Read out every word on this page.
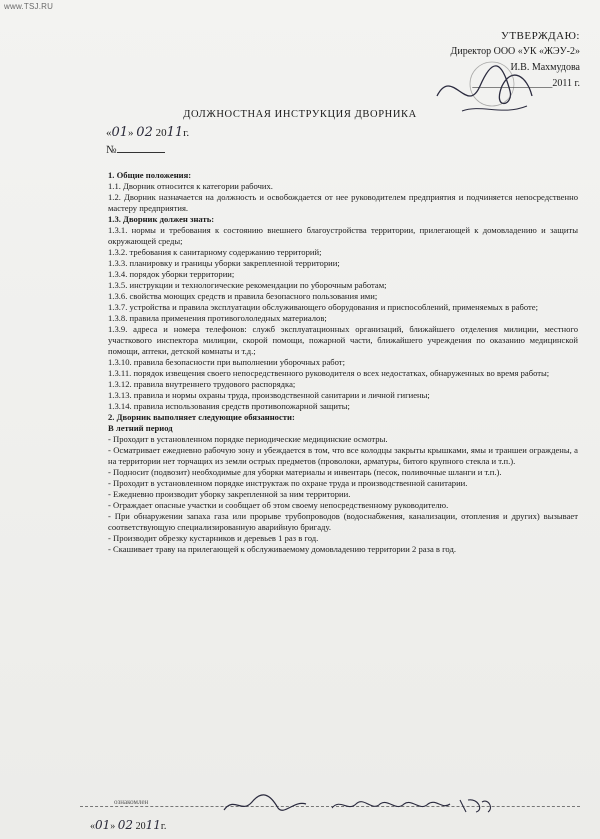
www.TSJ.RU
УТВЕРЖДАЮ:
Директор ООО «УК «ЖЭУ-2»
И.В. Махмудова
________________2011 г.
ДОЛЖНОСТНАЯ ИНСТРУКЦИЯ ДВОРНИКА
«01» 02 2011г.
№

1. Общие положения:

1.1. Дворник относится к категории рабочих.

1.2. Дворник назначается на должность и освобождается от нее руководителем предприятия и подчиняется непосредственно мастеру предприятия.

1.3. Дворник должен знать:

1.3.1. нормы и требования к состоянию внешнего благоустройства территории, прилегающей к домовладению и защиты окружающей среды;

1.3.2. требования к санитарному содержанию территорий;

1.3.3. планировку и границы уборки закрепленной территории;

1.3.4. порядок уборки территории;

1.3.5. инструкции и технологические рекомендации по уборочным работам;

1.3.6. свойства моющих средств и правила безопасного пользования ими;

1.3.7. устройства и правила эксплуатации обслуживающего оборудования и приспособлений, применяемых в работе;

1.3.8. правила применения противогололедных материалов;

1.3.9. адреса и номера телефонов: служб эксплуатационных организаций, ближайшего отделения милиции, местного участкового инспектора милиции, скорой помощи, пожарной части, ближайшего учреждения по оказанию медицинской помощи, аптеки, детской комнаты и т.д.;

1.3.10. правила безопасности при выполнении уборочных работ;

1.3.11. порядок извещения своего непосредственного руководителя о всех недостатках, обнаруженных во время работы;

1.3.12. правила внутреннего трудового распорядка;

1.3.13. правила и нормы охраны труда, производственной санитарии и личной гигиены;

1.3.14. правила использования средств противопожарной защиты;

2. Дворник выполняет следующие обязанности:

В летний период

- Проходит в установленном порядке периодические медицинские осмотры.

- Осматривает ежедневно рабочую зону и убеждается в том, что все колодцы закрыты крышками, ямы и траншеи ограждены, а на территории нет торчащих из земли острых предметов (проволоки, арматуры, битого крупного стекла и т.п.).

- Подносит (подвозит) необходимые для уборки материалы и инвентарь (песок, поливочные шланги и т.п.).

- Проходит в установленном порядке инструктаж по охране труда и производственной санитарии.

- Ежедневно производит уборку закрепленной за ним территории.

- Ограждает опасные участки и сообщает об этом своему непосредственному руководителю.

- При обнаружении запаха газа или прорыве трубопроводов (водоснабжения, канализации, отопления и других) вызывает соответствующую специализированную аварийную бригаду.

- Производит обрезку кустарников и деревьев 1 раз в год.

- Скашивает траву на прилегающей к обслуживаемому домовладению территории 2 раза в год.

ознакомлен
«01» 02 2011г.
